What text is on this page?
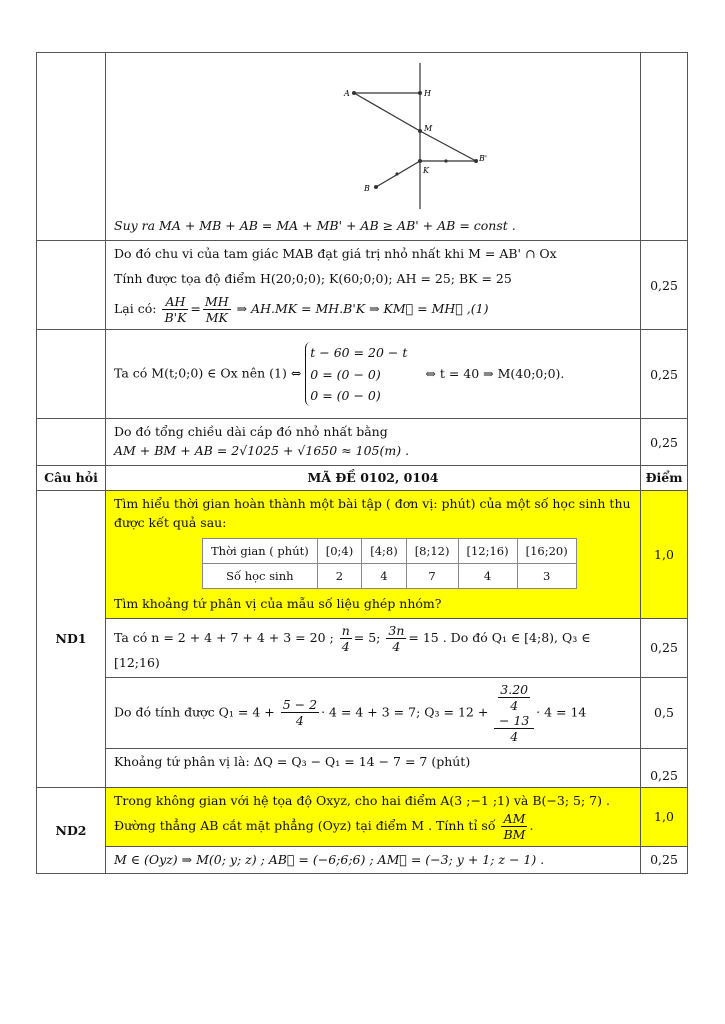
A	H
M
K
B'
B
Suy ra MA + MB + AB = MA + MB' + AB ≥ AB' + AB = const .

Do đó chu vi của tam giác MAB đạt giá trị nhỏ nhất khi M = AB' ∩ Ox
Tính được tọa độ điểm H(20;0;0); K(60;0;0); AH = 25; BK = 25
Lại có: $\frac{AH}{B'K} = \frac{MH}{MK}$ ⇒ AH.MK = MH.B'K ⇒ KM⃗ = MH⃗ ,(1)
	0,25
	Ta có M(t;0;0) ∈ Ox nên (1) ⇔
t − 60 = 20 − t
0 = (0 − 0)
0 = (0 − 0)
⇔ t = 40 ⇒ M(40;0;0).	0,25

Do đó tổng chiều dài cáp đó nhỏ nhất bằng
AM + BM + AB = 2√1025 + √1650 ≈ 105(m) .
	0,25
Câu hỏi	MÃ ĐỀ 0102, 0104	Điểm
ND1	
Tìm hiểu thời gian hoàn thành một bài tập ( đơn vị: phút) của một số học sinh thu được kết quả sau:
Thời gian ( phút)	[0;4)	[4;8)	[8;12)	[12;16)	[16;20)
Số học sinh	2	4	7	4	3
Tìm khoảng tứ phân vị của mẫu số liệu ghép nhóm?
	1,0
Ta có n = 2 + 4 + 7 + 4 + 3 = 20 ; $\frac{n}{4} = 5$; $\frac{3n}{4} = 15$ . Do đó Q₁ ∈ [4;8), Q₃ ∈ [12;16)	0,25
Do đó tính được $Q_1 = 4 + \frac{5 - 2}{4} \cdot 4 = 4 + 3 = 7$; Q₃ = 12 + 3.20
4
− 13
4 · 4 = 14	0,5
Khoảng tứ phân vị là: ΔQ = Q₃ − Q₁ = 14 − 7 = 7 (phút)	0,25
ND2	Trong không gian với hệ tọa độ Oxyz, cho hai điểm A(3 ;−1 ;1) và B(−3; 5; 7) . Đường thẳng AB cắt mặt phẳng (Oyz) tại điểm M . Tính tỉ số $\frac{AM}{BM}$ .	1,0
M ∈ (Oyz) ⇒ M(0; y; z) ; AB⃗ = (−6;6;6) ; AM⃗ = (−3; y + 1; z − 1) .	0,25
